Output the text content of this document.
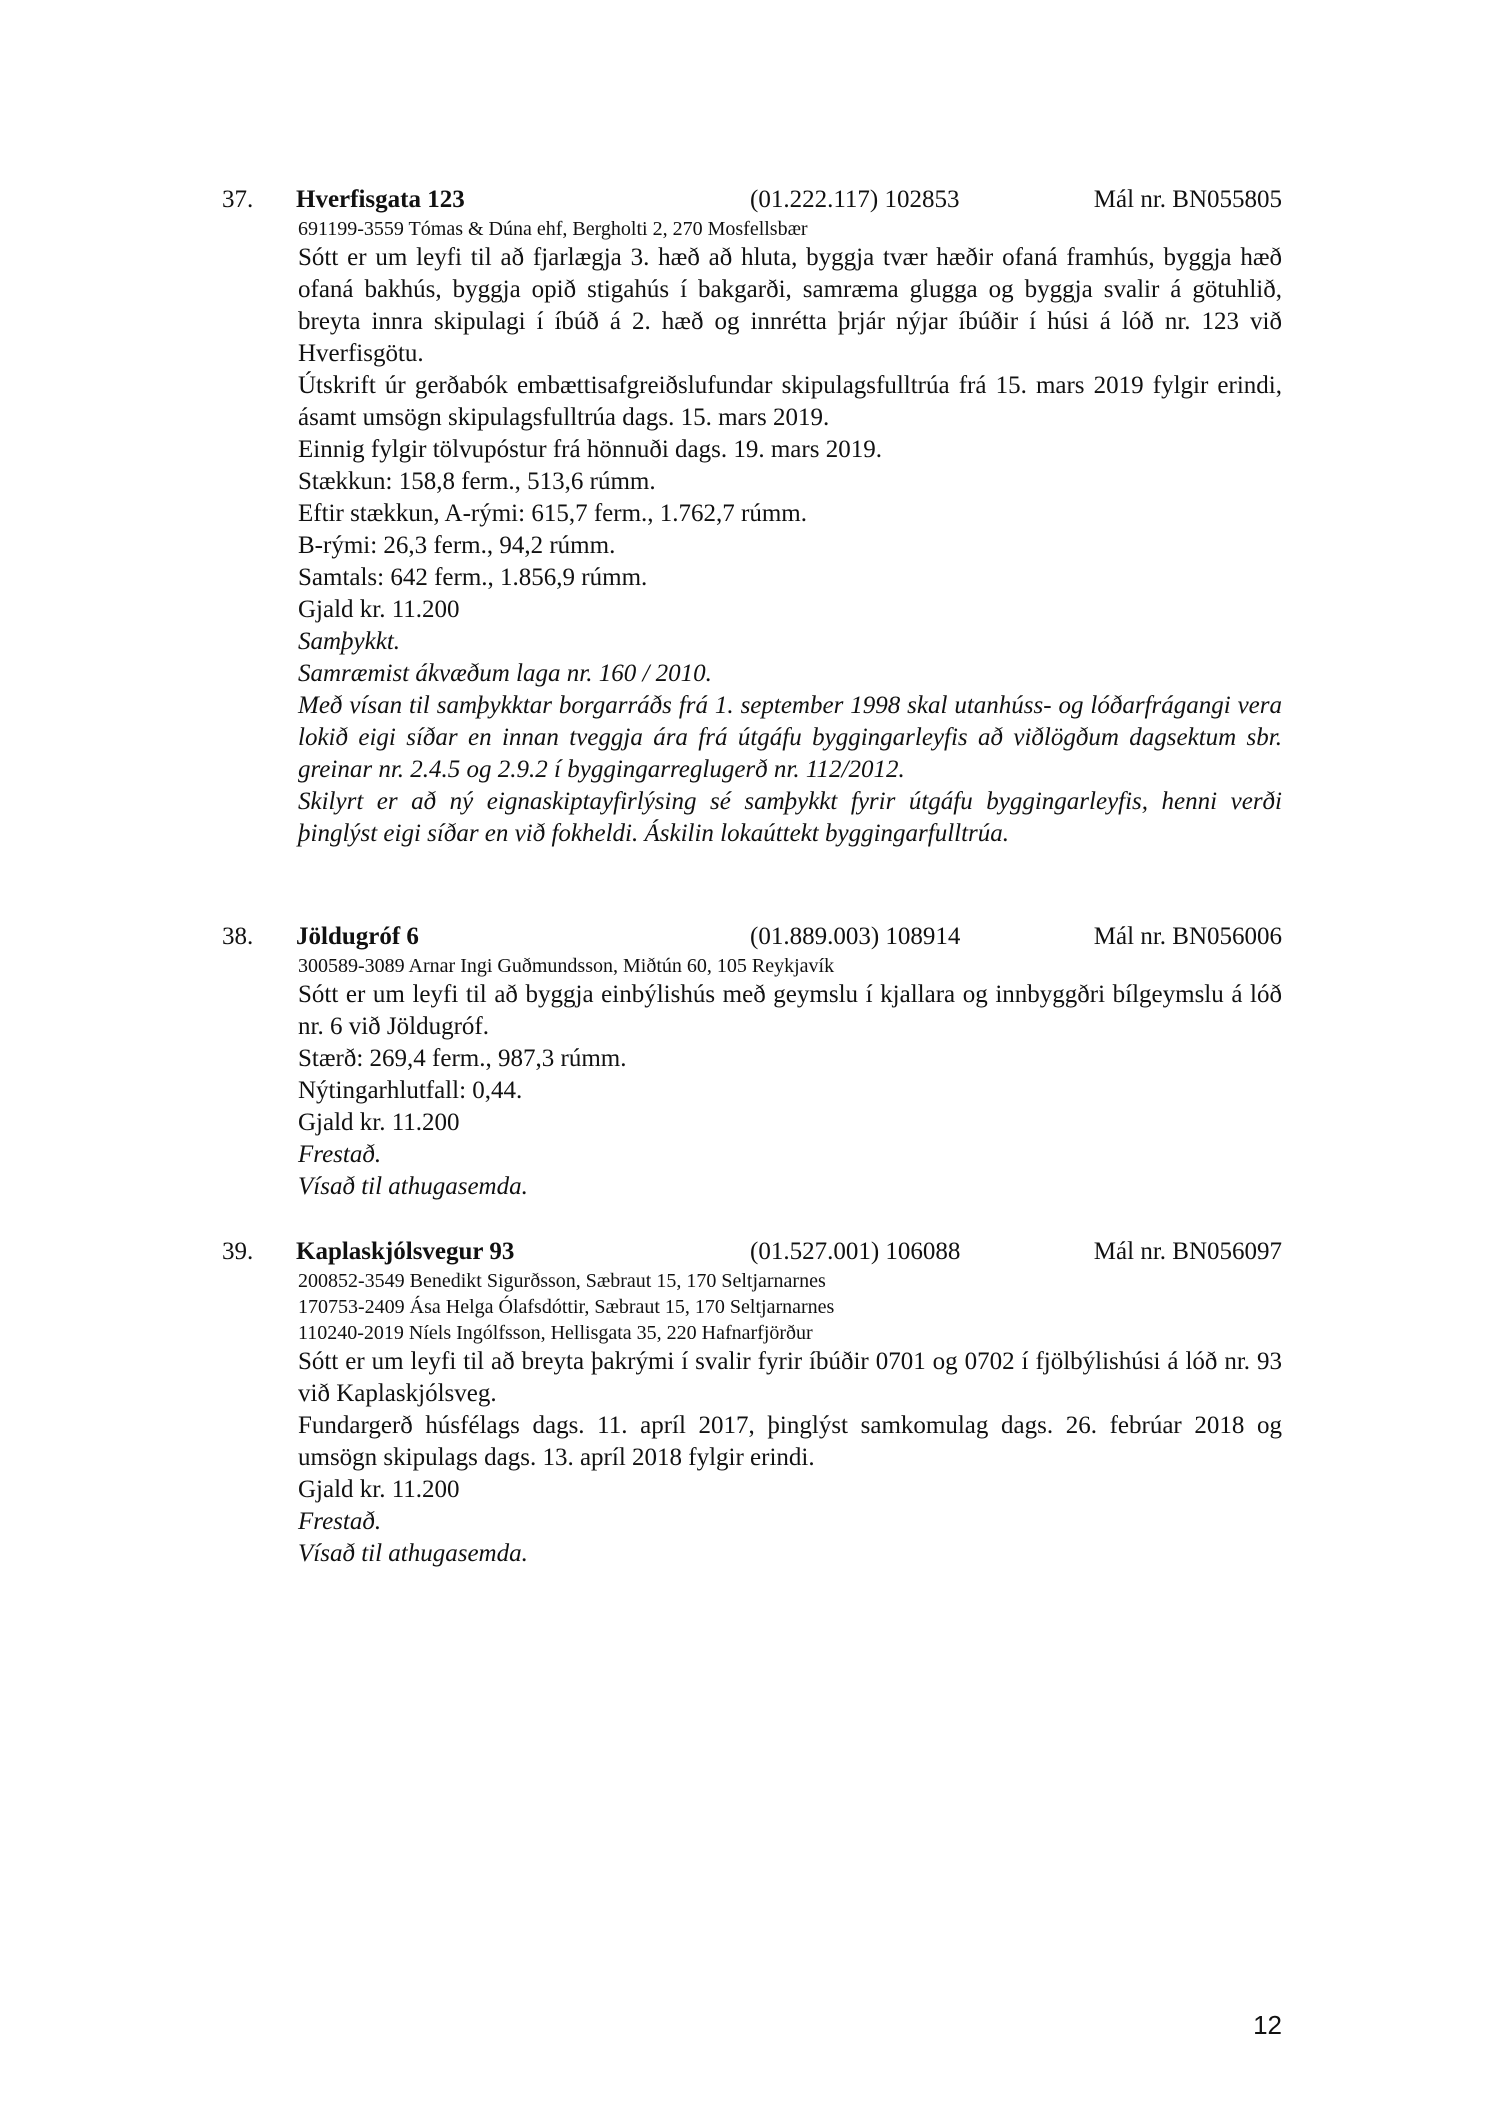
37. Hverfisgata 123	(01.222.117) 102853	Mál nr. BN055805

691199-3559 Tómas & Dúna ehf, Bergholti 2, 270 Mosfellsbær

Sótt er um leyfi til að fjarlægja 3. hæð að hluta, byggja tvær hæðir ofaná framhús, byggja hæð ofaná bakhús, byggja opið stigahús í bakgarði, samræma glugga og byggja svalir á götuhlið, breyta innra skipulagi í íbúð á 2. hæð og innrétta þrjár nýjar íbúðir í húsi á lóð nr. 123 við Hverfisgötu.

Útskrift úr gerðabók embættisafgreiðslufundar skipulagsfulltrúa frá 15. mars 2019 fylgir erindi, ásamt umsögn skipulagsfulltrúa dags. 15. mars 2019.

Einnig fylgir tölvupóstur frá hönnuði dags. 19. mars 2019.

Stækkun: 158,8 ferm., 513,6 rúmm.

Eftir stækkun, A-rými: 615,7 ferm., 1.762,7 rúmm.

B-rými: 26,3 ferm., 94,2 rúmm.

Samtals: 642 ferm., 1.856,9 rúmm.

Gjald kr. 11.200

Samþykkt.

Samræmist ákvæðum laga nr. 160 / 2010.

Með vísan til samþykktar borgarráðs frá 1. september 1998 skal utanhúss- og lóðarfrágangi vera lokið eigi síðar en innan tveggja ára frá útgáfu byggingarleyfis að viðlögðum dagsektum sbr. greinar nr. 2.4.5 og 2.9.2 í byggingarreglugerð nr. 112/2012.

Skilyrt er að ný eignaskiptayfirlýsing sé samþykkt fyrir útgáfu byggingarleyfis, henni verði þinglýst eigi síðar en við fokheldi. Áskilin lokaúttekt byggingarfulltrúa.

38. Jöldugróf 6	(01.889.003) 108914	Mál nr. BN056006

300589-3089 Arnar Ingi Guðmundsson, Miðtún 60, 105 Reykjavík

Sótt er um leyfi til að byggja einbýlishús með geymslu í kjallara og innbyggðri bílgeymslu á lóð nr. 6 við Jöldugróf.

Stærð: 269,4 ferm., 987,3 rúmm.

Nýtingarhlutfall: 0,44.

Gjald kr. 11.200

Frestað.

Vísað til athugasemda.

39. Kaplaskjólsvegur 93	(01.527.001) 106088	Mál nr. BN056097

200852-3549 Benedikt Sigurðsson, Sæbraut 15, 170 Seltjarnarnes

170753-2409 Ása Helga Ólafsdóttir, Sæbraut 15, 170 Seltjarnarnes

110240-2019 Níels Ingólfsson, Hellisgata 35, 220 Hafnarfjörður

Sótt er um leyfi til að breyta þakrými í svalir fyrir íbúðir 0701 og 0702 í fjölbýlishúsi á lóð nr. 93 við Kaplaskjólsveg.

Fundargerð húsfélags dags. 11. apríl 2017, þinglýst samkomulag dags. 26. febrúar 2018 og umsögn skipulags dags. 13. apríl 2018 fylgir erindi.

Gjald kr. 11.200

Frestað.

Vísað til athugasemda.

12
